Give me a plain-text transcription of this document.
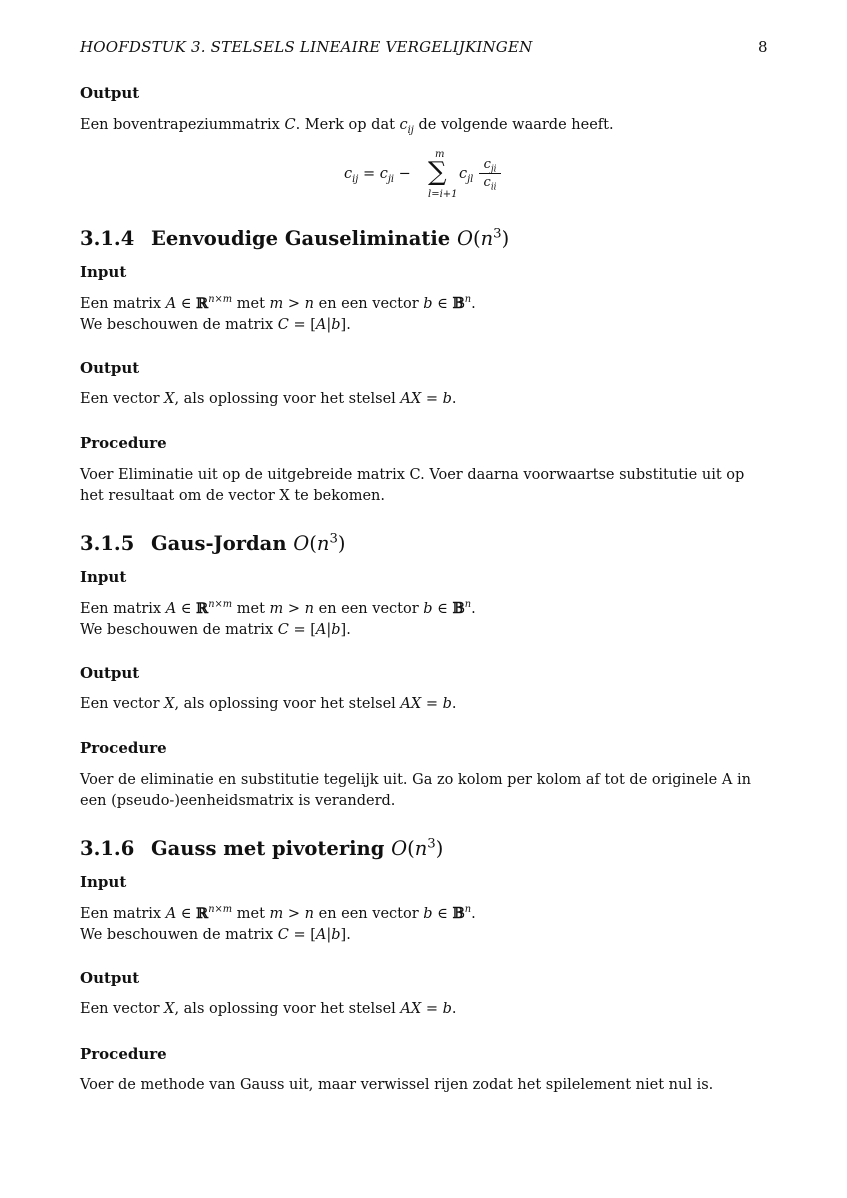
HOOFDSTUK 3. STELSELS LINEAIRE VERGELIJKINGEN	8
Output
Een boventrapeziummatrix C. Merk op dat $c_{ij}$ de volgende waarde heeft.
$c_{ij} = c_{ji}$ −
m
∑
l=i+1
$c_{jl}$
$c_{ji}$
$c_{ii}$
3.1.4 Eenvoudige Gauseliminatie $O(n^3)$
Input
Een matrix A ∈ ℝ$^{n\times m}$ met m > n en een vector b ∈ 𝔹$^n$.
We beschouwen de matrix C = [A|b].
Output
Een vector X, als oplossing voor het stelsel AX = b.
Procedure
Voer Eliminatie uit op de uitgebreide matrix C. Voer daarna voorwaartse substitutie uit op
het resultaat om de vector X te bekomen.
3.1.5 Gaus-Jordan $O(n^3)$
Input
Een matrix A ∈ ℝ$^{n\times m}$ met m > n en een vector b ∈ 𝔹$^n$.
We beschouwen de matrix C = [A|b].
Output
Een vector X, als oplossing voor het stelsel AX = b.
Procedure
Voer de eliminatie en substitutie tegelijk uit. Ga zo kolom per kolom af tot de originele A in
een (pseudo-)eenheidsmatrix is veranderd.
3.1.6 Gauss met pivotering $O(n^3)$
Input
Een matrix A ∈ ℝ$^{n\times m}$ met m > n en een vector b ∈ 𝔹$^n$.
We beschouwen de matrix C = [A|b].
Output
Een vector X, als oplossing voor het stelsel AX = b.
Procedure
Voer de methode van Gauss uit, maar verwissel rijen zodat het spilelement niet nul is.
